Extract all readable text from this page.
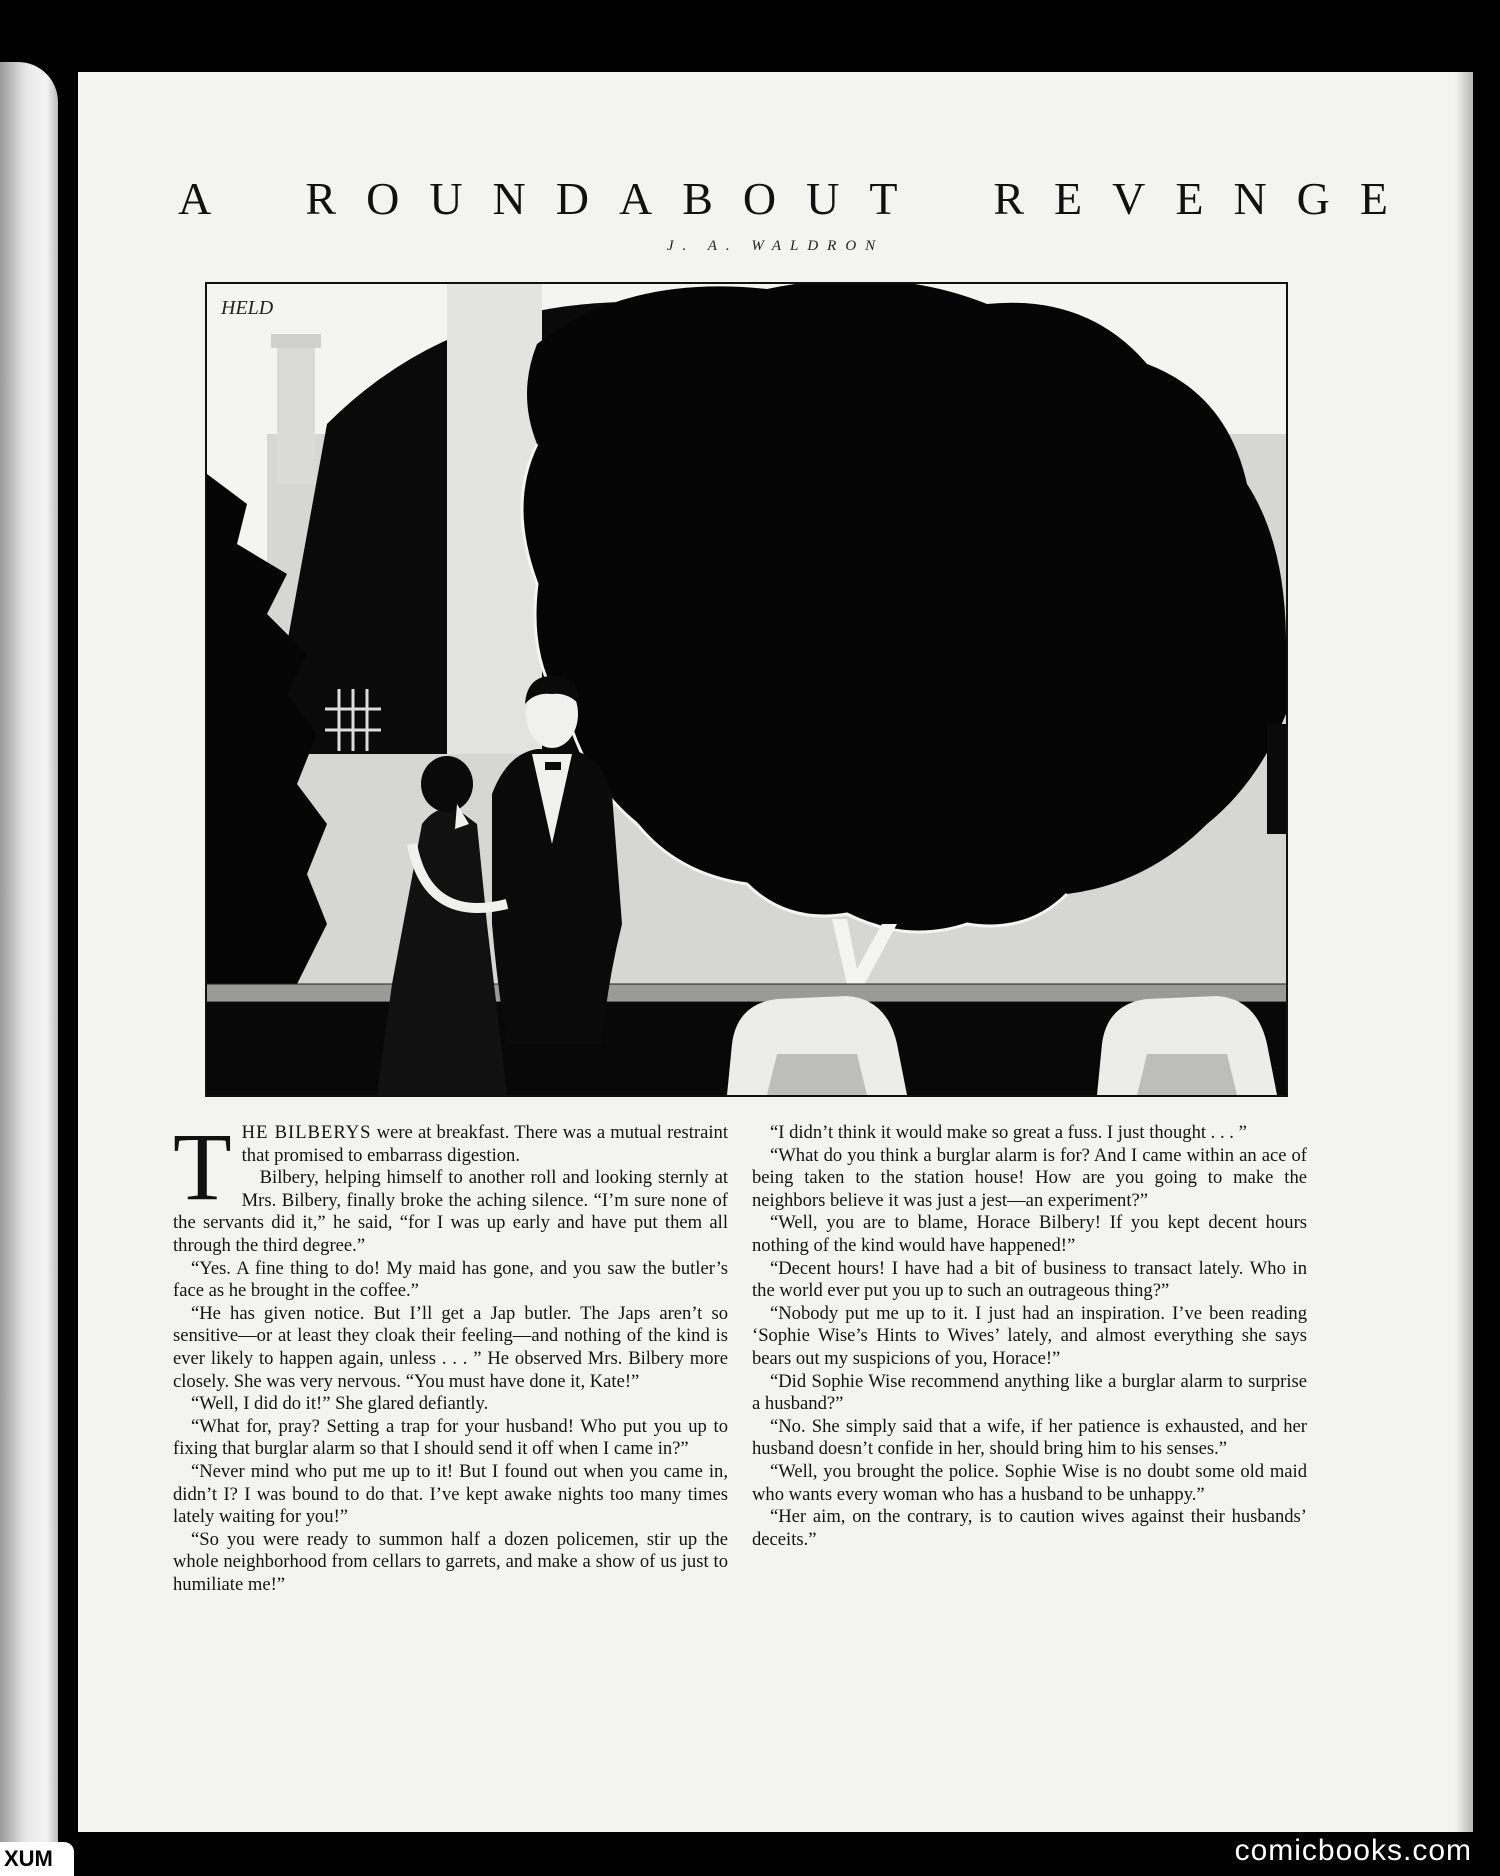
A ROUNDABOUT REVENGE
J. A. WALDRON
HELD

THE BILBERYS were at breakfast. There was a mutual restraint that promised to embarrass digestion.

Bilbery, helping himself to another roll and looking sternly at Mrs. Bilbery, finally broke the aching silence. “I’m sure none of the servants did it,” he said, “for I was up early and have put them all through the third degree.”

“Yes. A fine thing to do! My maid has gone, and you saw the butler’s face as he brought in the coffee.”

“He has given notice. But I’ll get a Jap butler. The Japs aren’t so sensitive—or at least they cloak their feeling—and nothing of the kind is ever likely to happen again, unless . . . ” He observed Mrs. Bilbery more closely. She was very nervous. “You must have done it, Kate!”

“Well, I did do it!” She glared defiantly.

“What for, pray? Setting a trap for your husband! Who put you up to fixing that burglar alarm so that I should send it off when I came in?”

“Never mind who put me up to it! But I found out when you came in, didn’t I? I was bound to do that. I’ve kept awake nights too many times lately waiting for you!”

“So you were ready to summon half a dozen policemen, stir up the whole neighborhood from cellars to garrets, and make a show of us just to humiliate me!”

“I didn’t think it would make so great a fuss. I just thought . . . ”

“What do you think a burglar alarm is for? And I came within an ace of being taken to the station house! How are you going to make the neighbors believe it was just a jest—an experiment?”

“Well, you are to blame, Horace Bilbery! If you kept decent hours nothing of the kind would have happened!”

“Decent hours! I have had a bit of business to transact lately. Who in the world ever put you up to such an outrageous thing?”

“Nobody put me up to it. I just had an inspiration. I’ve been reading ‘Sophie Wise’s Hints to Wives’ lately, and almost everything she says bears out my suspicions of you, Horace!”

“Did Sophie Wise recommend anything like a burglar alarm to surprise a husband?”

“No. She simply said that a wife, if her patience is exhausted, and her husband doesn’t confide in her, should bring him to his senses.”

“Well, you brought the police. Sophie Wise is no doubt some old maid who wants every woman who has a husband to be unhappy.”

“Her aim, on the contrary, is to caution wives against their husbands’ deceits.”

comicbooks.com
XUM
